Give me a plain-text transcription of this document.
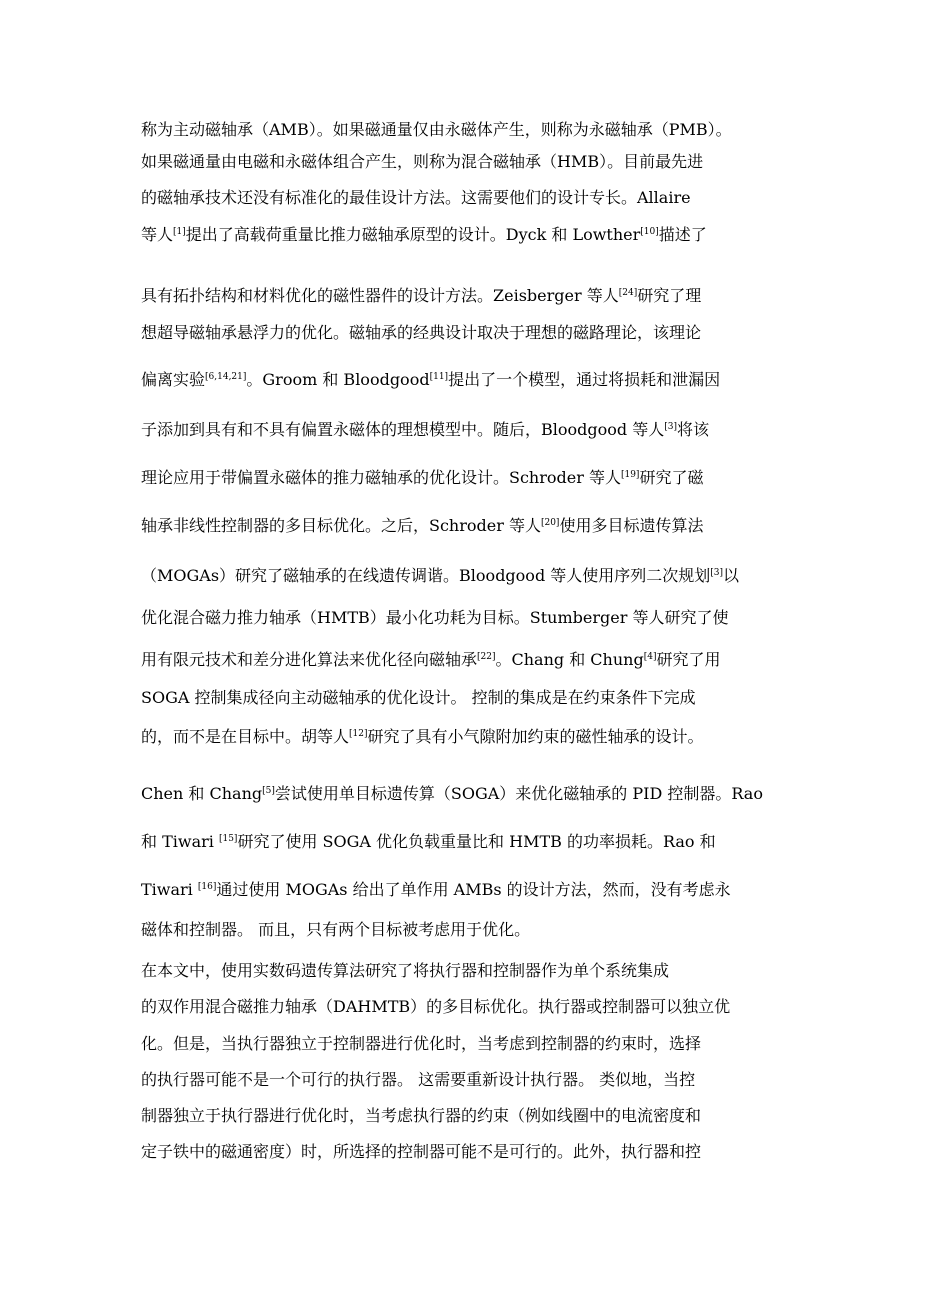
称为主动磁轴承（AMB）。如果磁通量仅由永磁体产生，则称为永磁轴承（PMB）。
如果磁通量由电磁和永磁体组合产生，则称为混合磁轴承（HMB）。目前最先进
的磁轴承技术还没有标准化的最佳设计方法。这需要他们的设计专长。Allaire
等人[1]提出了高载荷重量比推力磁轴承原型的设计。Dyck 和 Lowther[10]描述了
具有拓扑结构和材料优化的磁性器件的设计方法。Zeisberger 等人[24]研究了理
想超导磁轴承悬浮力的优化。磁轴承的经典设计取决于理想的磁路理论，该理论
偏离实验[6,14,21]。Groom 和 Bloodgood[11]提出了一个模型，通过将损耗和泄漏因
子添加到具有和不具有偏置永磁体的理想模型中。随后，Bloodgood 等人[3]将该
理论应用于带偏置永磁体的推力磁轴承的优化设计。Schroder 等人[19]研究了磁
轴承非线性控制器的多目标优化。之后，Schroder 等人[20]使用多目标遗传算法
（MOGAs）研究了磁轴承的在线遗传调谐。Bloodgood 等人使用序列二次规划[3]以
优化混合磁力推力轴承（HMTB）最小化功耗为目标。Stumberger 等人研究了使
用有限元技术和差分进化算法来优化径向磁轴承[22]。Chang 和 Chung[4]研究了用
SOGA 控制集成径向主动磁轴承的优化设计。 控制的集成是在约束条件下完成
的，而不是在目标中。胡等人[12]研究了具有小气隙附加约束的磁性轴承的设计。
Chen 和 Chang[5]尝试使用单目标遗传算（SOGA）来优化磁轴承的 PID 控制器。Rao
和 Tiwari [15]研究了使用 SOGA 优化负载重量比和 HMTB 的功率损耗。Rao 和
Tiwari [16]通过使用 MOGAs 给出了单作用 AMBs 的设计方法，然而，没有考虑永
磁体和控制器。 而且，只有两个目标被考虑用于优化。
在本文中，使用实数码遗传算法研究了将执行器和控制器作为单个系统集成
的双作用混合磁推力轴承（DAHMTB）的多目标优化。执行器或控制器可以独立优
化。但是，当执行器独立于控制器进行优化时，当考虑到控制器的约束时，选择
的执行器可能不是一个可行的执行器。 这需要重新设计执行器。 类似地，当控
制器独立于执行器进行优化时，当考虑执行器的约束（例如线圈中的电流密度和
定子铁中的磁通密度）时，所选择的控制器可能不是可行的。此外，执行器和控
